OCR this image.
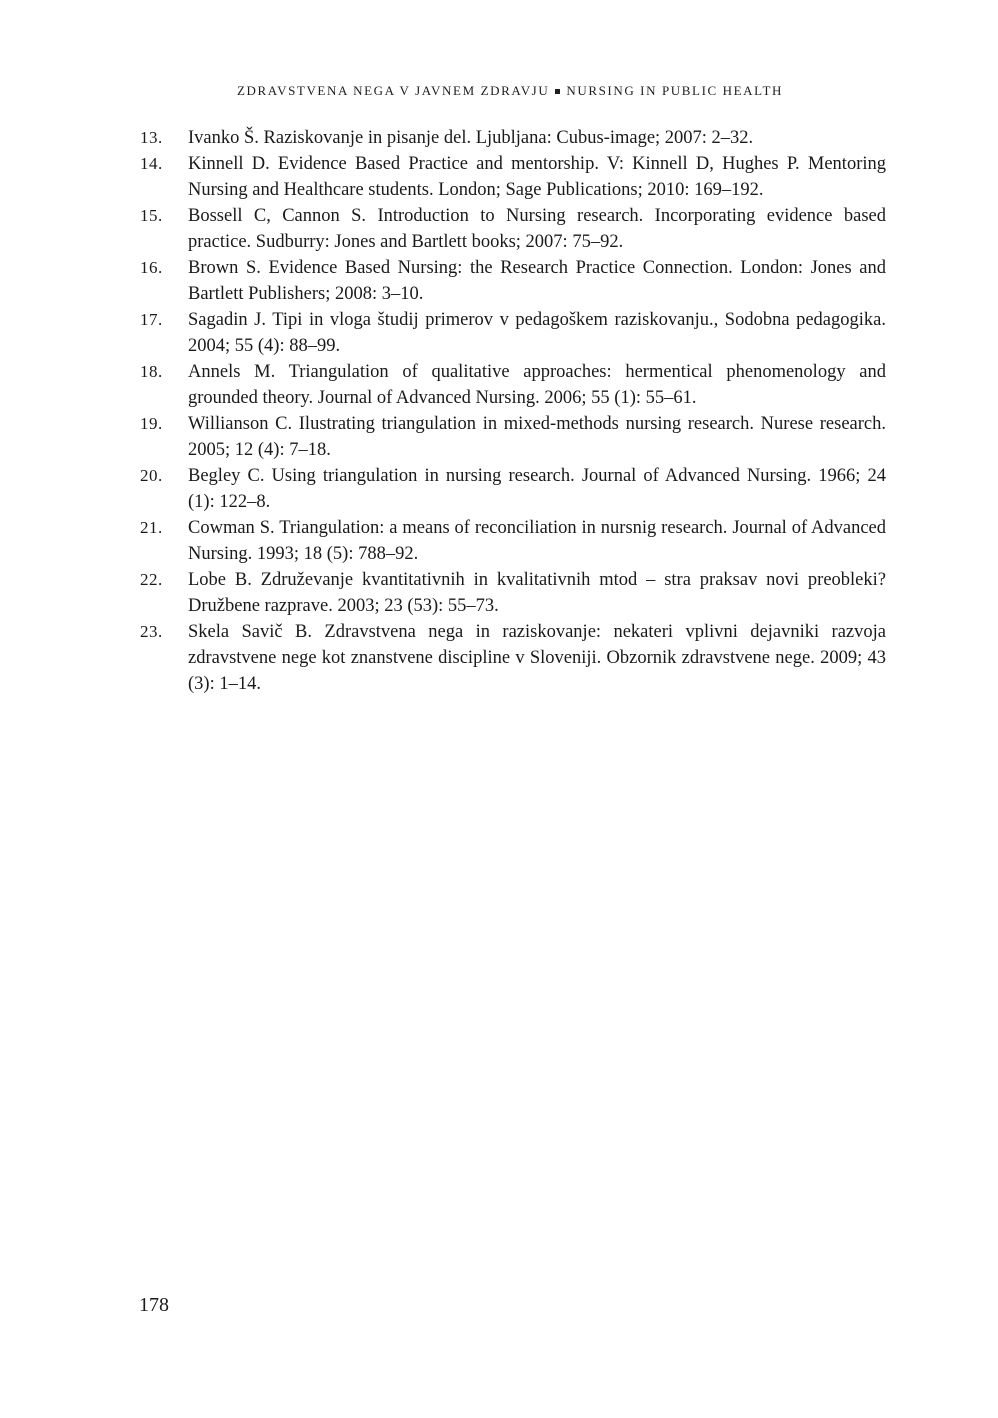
ZDRAVSTVENA NEGA V JAVNEM ZDRAVJU NURSING IN PUBLIC HEALTH
13. Ivanko Š. Raziskovanje in pisanje del. Ljubljana: Cubus-image; 2007: 2–32.
14. Kinnell D. Evidence Based Practice and mentorship. V: Kinnell D, Hughes P. Mentoring Nursing and Healthcare students. London; Sage Publications; 2010: 169–192.
15. Bossell C, Cannon S. Introduction to Nursing research. Incorporating evidence based practice. Sudburry: Jones and Bartlett books; 2007: 75–92.
16. Brown S. Evidence Based Nursing: the Research Practice Connection. London: Jones and Bartlett Publishers; 2008: 3–10.
17. Sagadin J. Tipi in vloga študij primerov v pedagoškem raziskovanju., Sodobna pedagogika. 2004; 55 (4): 88–99.
18. Annels M. Triangulation of qualitative approaches: hermentical phenomenology and grounded theory. Journal of Advanced Nursing. 2006; 55 (1): 55–61.
19. Willianson C. Ilustrating triangulation in mixed-methods nursing research. Nurese research. 2005; 12 (4): 7–18.
20. Begley C. Using triangulation in nursing research. Journal of Advanced Nursing. 1966; 24 (1): 122–8.
21. Cowman S. Triangulation: a means of reconciliation in nursnig research. Journal of Advanced Nursing. 1993; 18 (5): 788–92.
22. Lobe B. Združevanje kvantitativnih in kvalitativnih mtod – stra praksav novi preobleki? Družbene razprave. 2003; 23 (53): 55–73.
23. Skela Savič B. Zdravstvena nega in raziskovanje: nekateri vplivni dejavniki razvoja zdravstvene nege kot znanstvene discipline v Sloveniji. Obzornik zdravstvene nege. 2009; 43 (3): 1–14.
178
